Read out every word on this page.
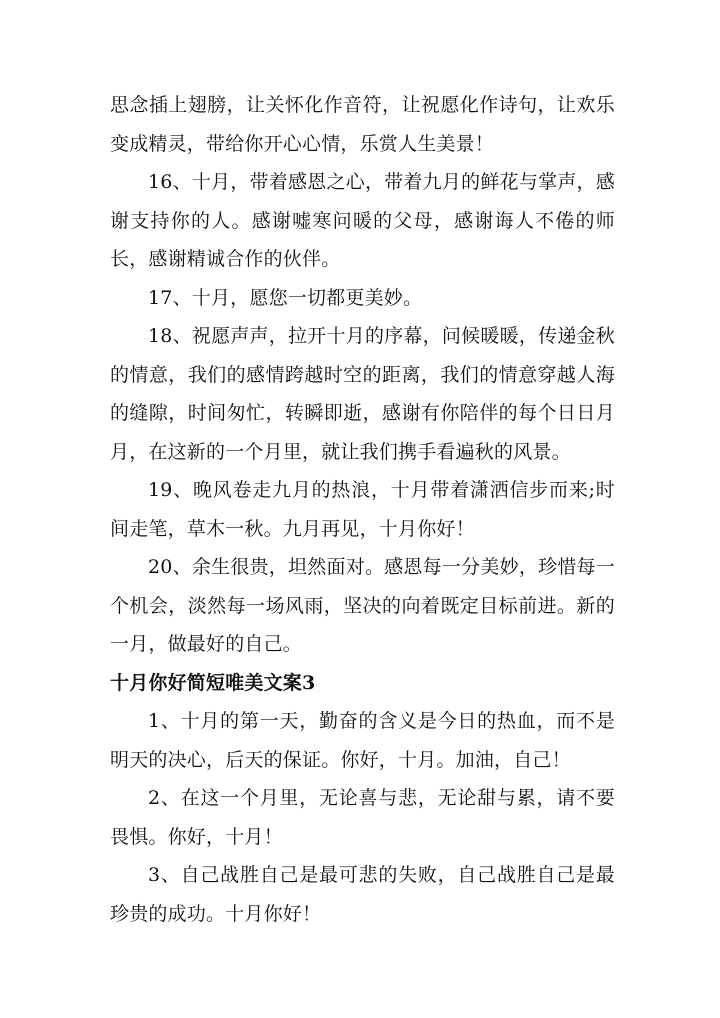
思念插上翅膀，让关怀化作音符，让祝愿化作诗句，让欢乐变成精灵，带给你开心心情，乐赏人生美景！

16、十月，带着感恩之心，带着九月的鲜花与掌声，感谢支持你的人。感谢嘘寒问暖的父母，感谢诲人不倦的师长，感谢精诚合作的伙伴。

17、十月，愿您一切都更美妙。

18、祝愿声声，拉开十月的序幕，问候暖暖，传递金秋的情意，我们的感情跨越时空的距离，我们的情意穿越人海的缝隙，时间匆忙，转瞬即逝，感谢有你陪伴的每个日日月月，在这新的一个月里，就让我们携手看遍秋的风景。

19、晚风卷走九月的热浪，十月带着潇洒信步而来;时间走笔，草木一秋。九月再见，十月你好！

20、余生很贵，坦然面对。感恩每一分美妙，珍惜每一个机会，淡然每一场风雨，坚决的向着既定目标前进。新的一月，做最好的自己。

十月你好简短唯美文案3

1、十月的第一天，勤奋的含义是今日的热血，而不是明天的决心，后天的保证。你好，十月。加油，自己！

2、在这一个月里，无论喜与悲，无论甜与累，请不要畏惧。你好，十月！

3、自己战胜自己是最可悲的失败，自己战胜自己是最珍贵的成功。十月你好！
